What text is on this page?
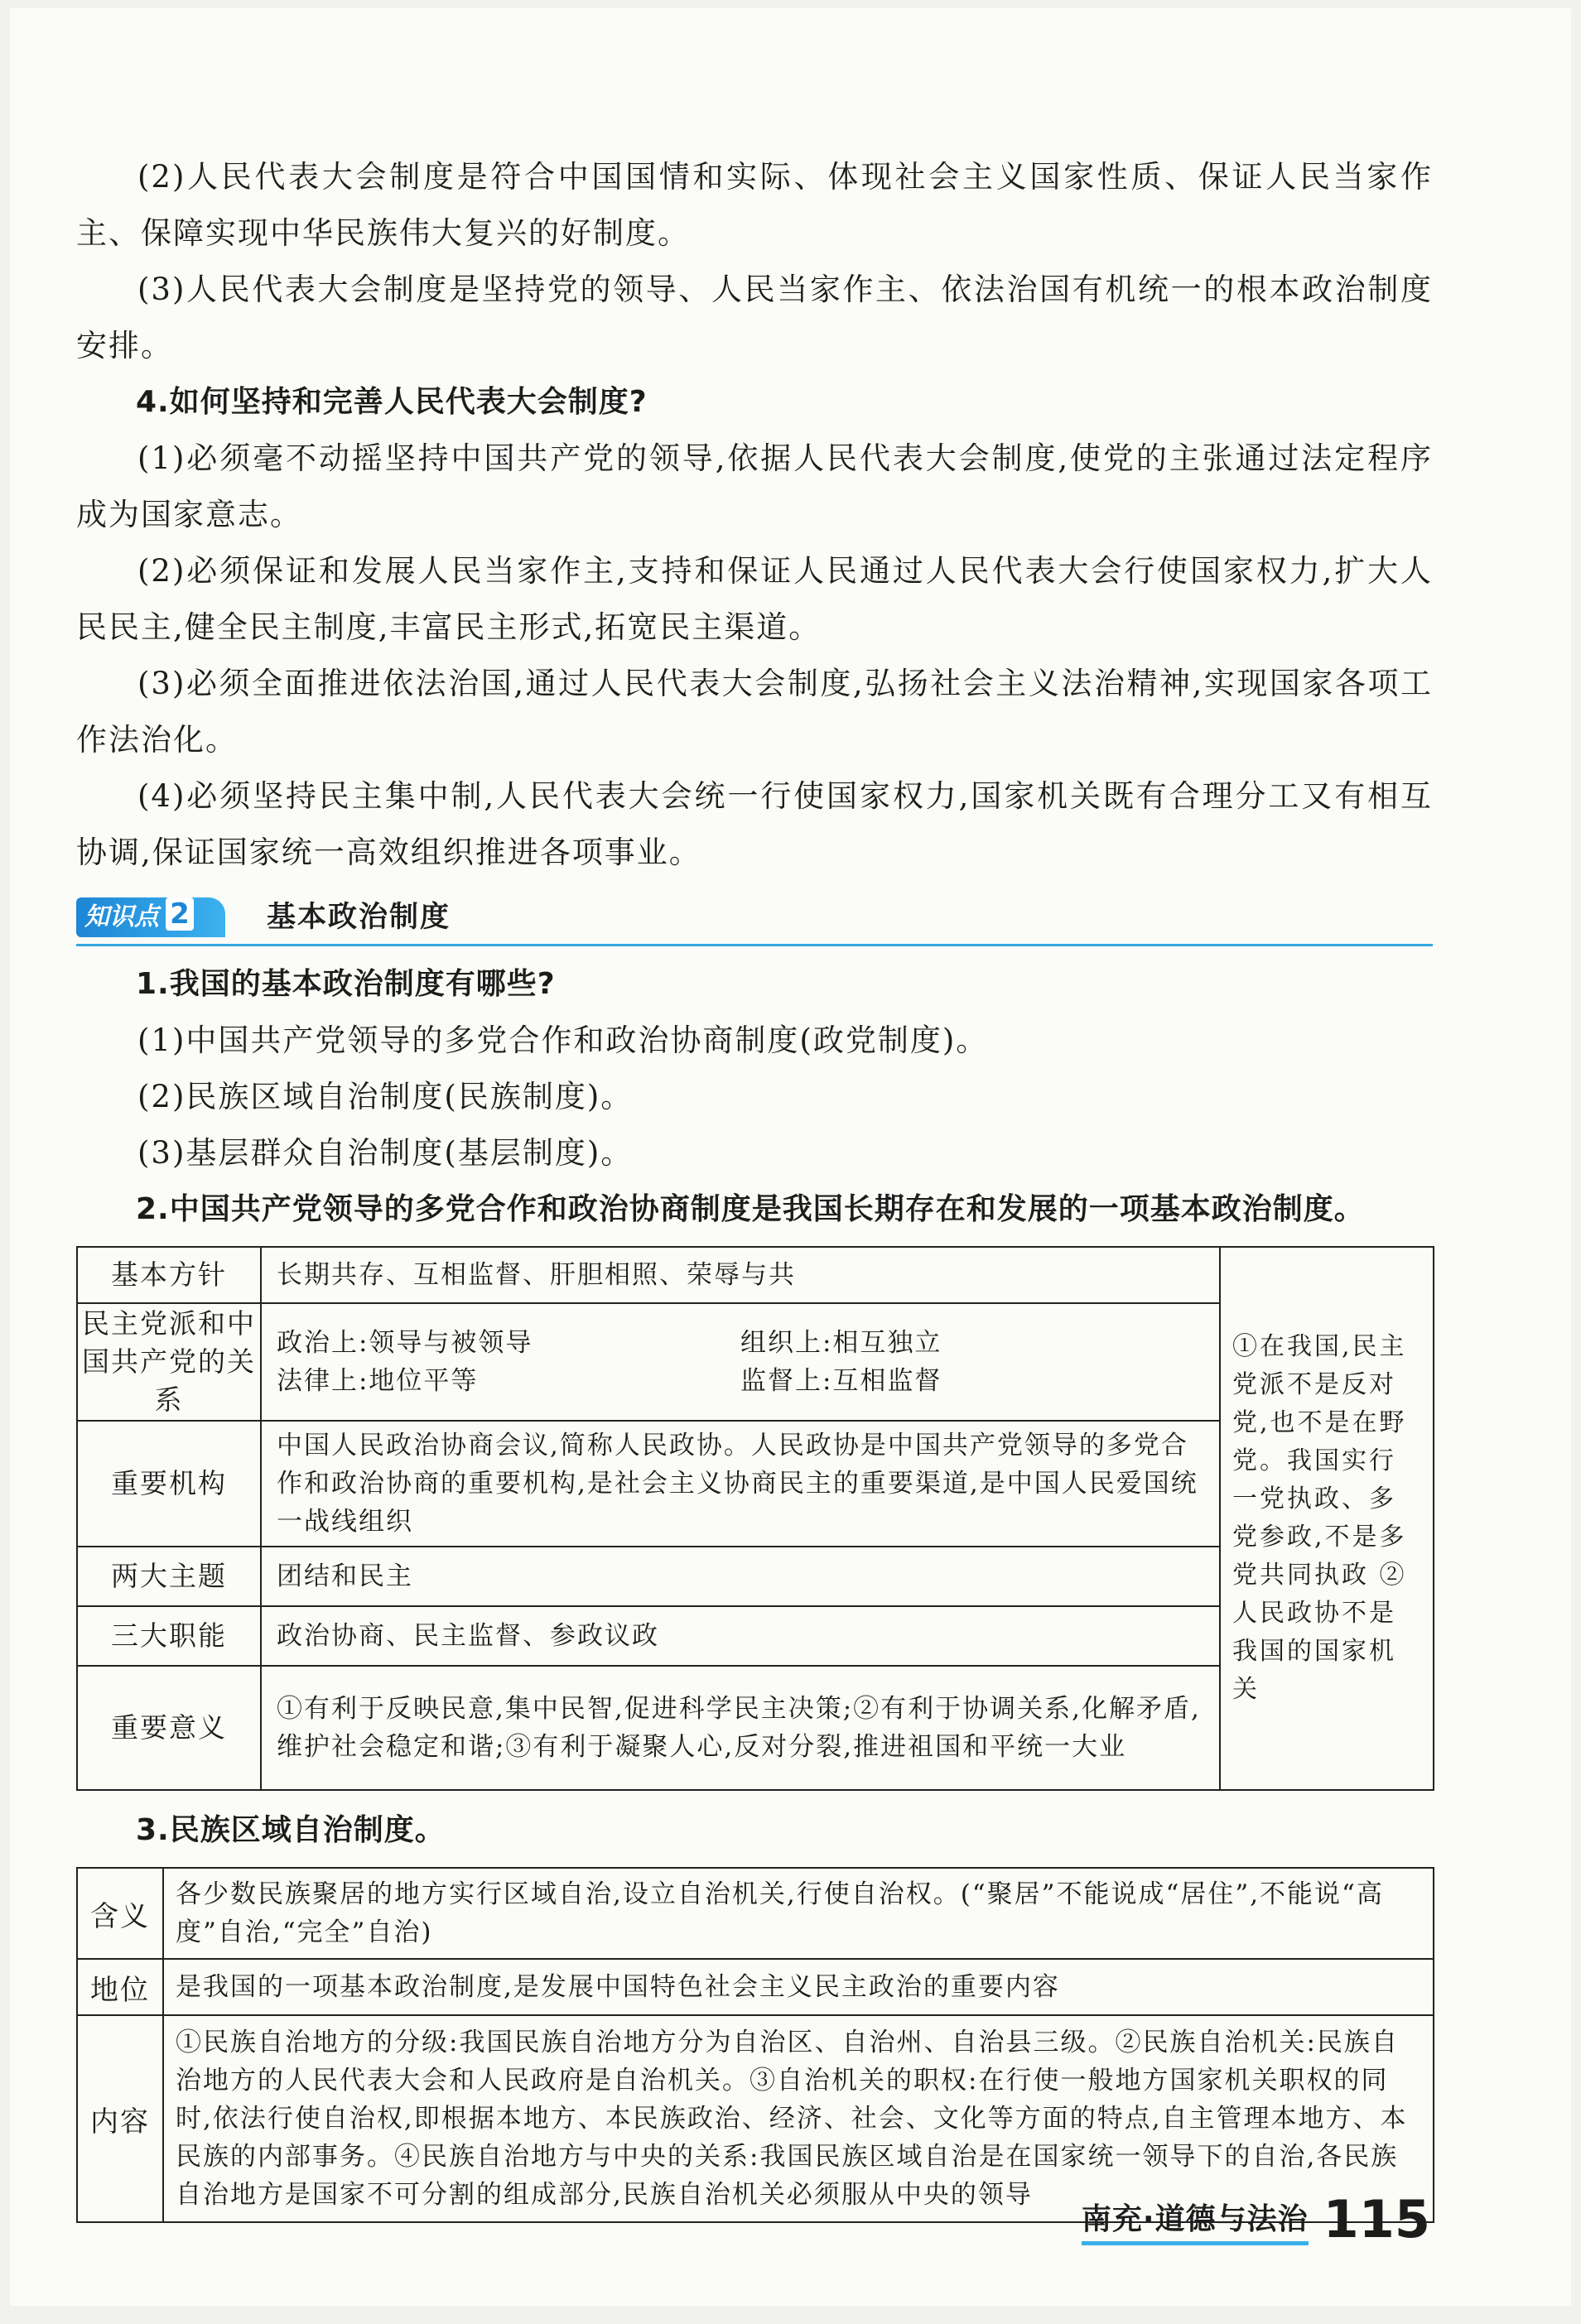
(2)人民代表大会制度是符合中国国情和实际、体现社会主义国家性质、保证人民当家作主、保障实现中华民族伟大复兴的好制度。

(3)人民代表大会制度是坚持党的领导、人民当家作主、依法治国有机统一的根本政治制度安排。

4.如何坚持和完善人民代表大会制度?

(1)必须毫不动摇坚持中国共产党的领导,依据人民代表大会制度,使党的主张通过法定程序成为国家意志。

(2)必须保证和发展人民当家作主,支持和保证人民通过人民代表大会行使国家权力,扩大人民民主,健全民主制度,丰富民主形式,拓宽民主渠道。

(3)必须全面推进依法治国,通过人民代表大会制度,弘扬社会主义法治精神,实现国家各项工作法治化。

(4)必须坚持民主集中制,人民代表大会统一行使国家权力,国家机关既有合理分工又有相互协调,保证国家统一高效组织推进各项事业。

知识点 2	基本政治制度

1.我国的基本政治制度有哪些?

(1)中国共产党领导的多党合作和政治协商制度(政党制度)。

(2)民族区域自治制度(民族制度)。

(3)基层群众自治制度(基层制度)。

2.中国共产党领导的多党合作和政治协商制度是我国长期存在和发展的一项基本政治制度。

基本方针	长期共存、互相监督、肝胆相照、荣辱与共	①在我国,民主党派不是反对党,也不是在野党。我国实行一党执政、多党参政,不是多党共同执政 ②人民政协不是我国的国家机关
民主党派和中国共产党的关系	政治上:领导与被领导 组织上:相互独立
法律上:地位平等 监督上:互相监督	

重要机构	中国人民政治协商会议,简称人民政协。人民政协是中国共产党领导的多党合作和政治协商的重要机构,是社会主义协商民主的重要渠道,是中国人民爱国统一战线组织	
两大主题	团结和民主	
三大职能	政治协商、民主监督、参政议政	
重要意义	①有利于反映民意,集中民智,促进科学民主决策;②有利于协调关系,化解矛盾,维护社会稳定和谐;③有利于凝聚人心,反对分裂,推进祖国和平统一大业	

3.民族区域自治制度。

含义	各少数民族聚居的地方实行区域自治,设立自治机关,行使自治权。(“聚居”不能说成“居住”,不能说“高度”自治,“完全”自治)
地位	是我国的一项基本政治制度,是发展中国特色社会主义民主政治的重要内容
内容	①民族自治地方的分级:我国民族自治地方分为自治区、自治州、自治县三级。②民族自治机关:民族自治地方的人民代表大会和人民政府是自治机关。③自治机关的职权:在行使一般地方国家机关职权的同时,依法行使自治权,即根据本地方、本民族政治、经济、社会、文化等方面的特点,自主管理本地方、本民族的内部事务。④民族自治地方与中央的关系:我国民族区域自治是在国家统一领导下的自治,各民族自治地方是国家不可分割的组成部分,民族自治机关必须服从中央的领导
南充·道德与法治 115
